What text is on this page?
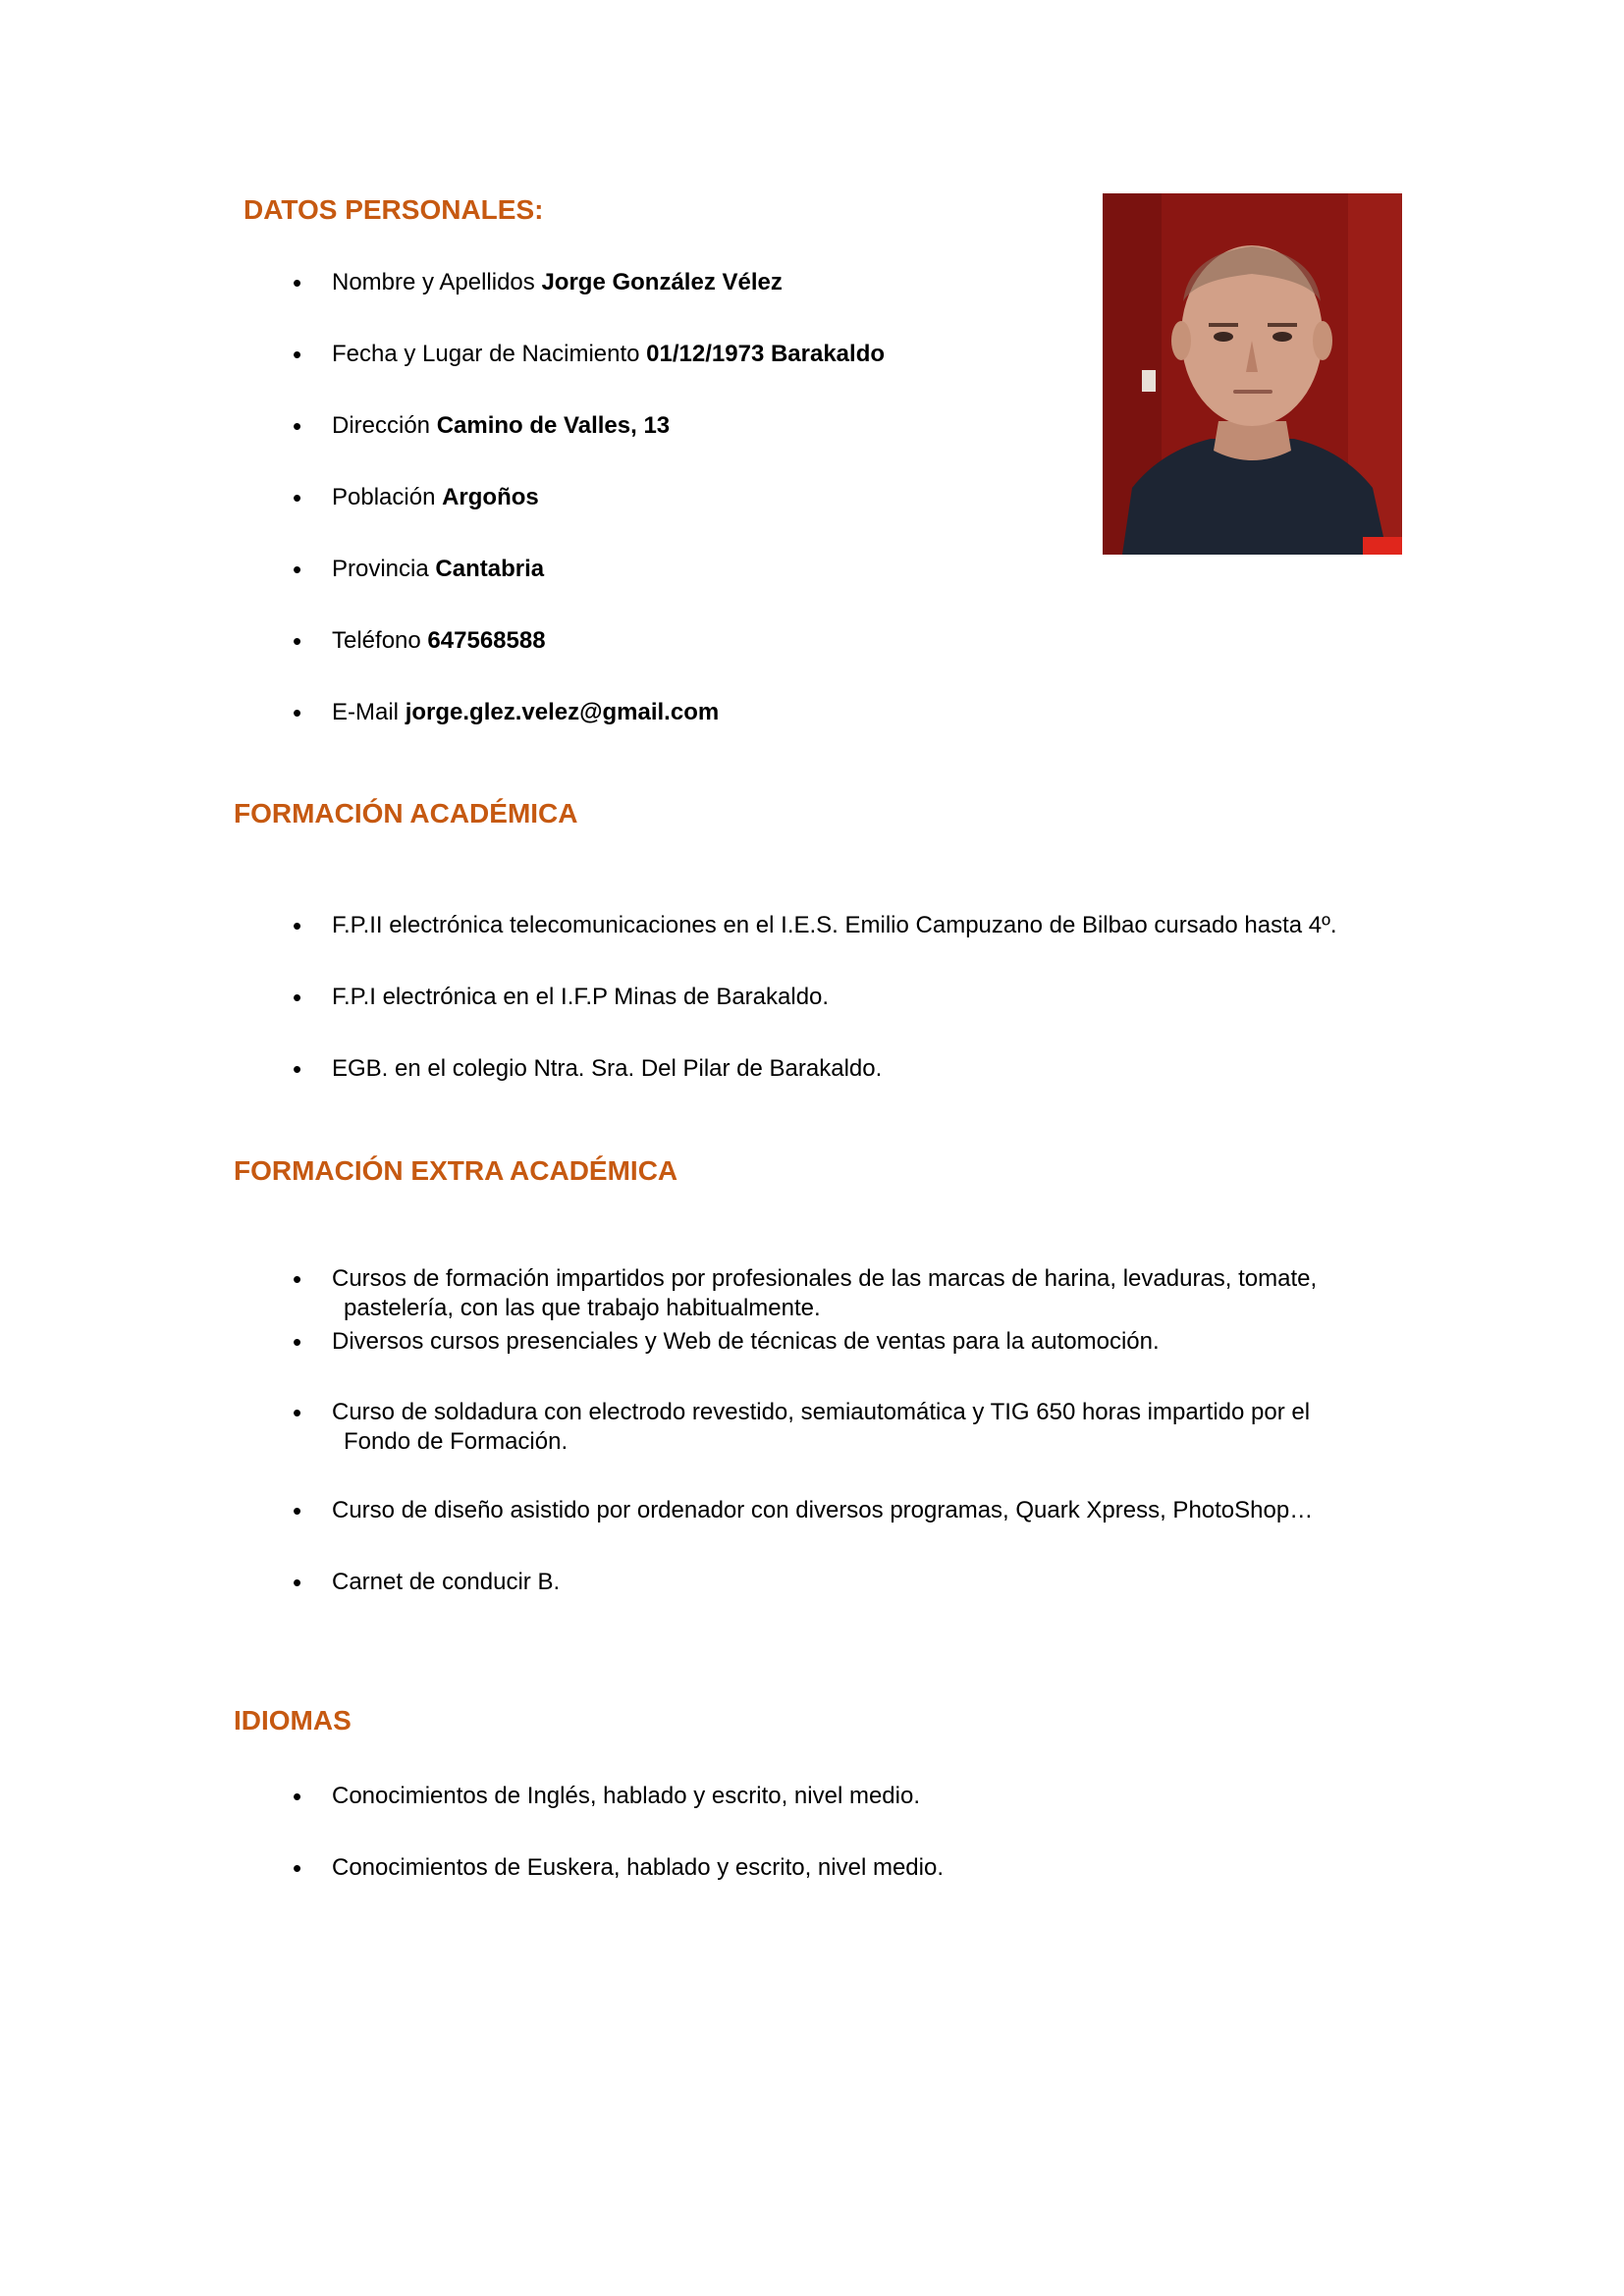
DATOS PERSONALES:
• Nombre y Apellidos Jorge González Vélez
• Fecha y Lugar de Nacimiento 01/12/1973 Barakaldo
• Dirección Camino de Valles, 13
• Población Argoños
• Provincia Cantabria
• Teléfono 647568588
• E-Mail jorge.glez.velez@gmail.com
FORMACIÓN ACADÉMICA
• F.P.II electrónica telecomunicaciones en el I.E.S. Emilio Campuzano de Bilbao cursado hasta 4º.
• F.P.I electrónica en el I.F.P Minas de Barakaldo.
• EGB. en el colegio Ntra. Sra. Del Pilar de Barakaldo.
FORMACIÓN EXTRA ACADÉMICA
• Cursos de formación impartidos por profesionales de las marcas de harina, levaduras, tomate,
pastelería, con las que trabajo habitualmente.
• Diversos cursos presenciales y Web de técnicas de ventas para la automoción.
• Curso de soldadura con electrodo revestido, semiautomática y TIG 650 horas impartido por el
Fondo de Formación.
• Curso de diseño asistido por ordenador con diversos programas, Quark Xpress, PhotoShop…
• Carnet de conducir B.
IDIOMAS
• Conocimientos de Inglés, hablado y escrito, nivel medio.
• Conocimientos de Euskera, hablado y escrito, nivel medio.
